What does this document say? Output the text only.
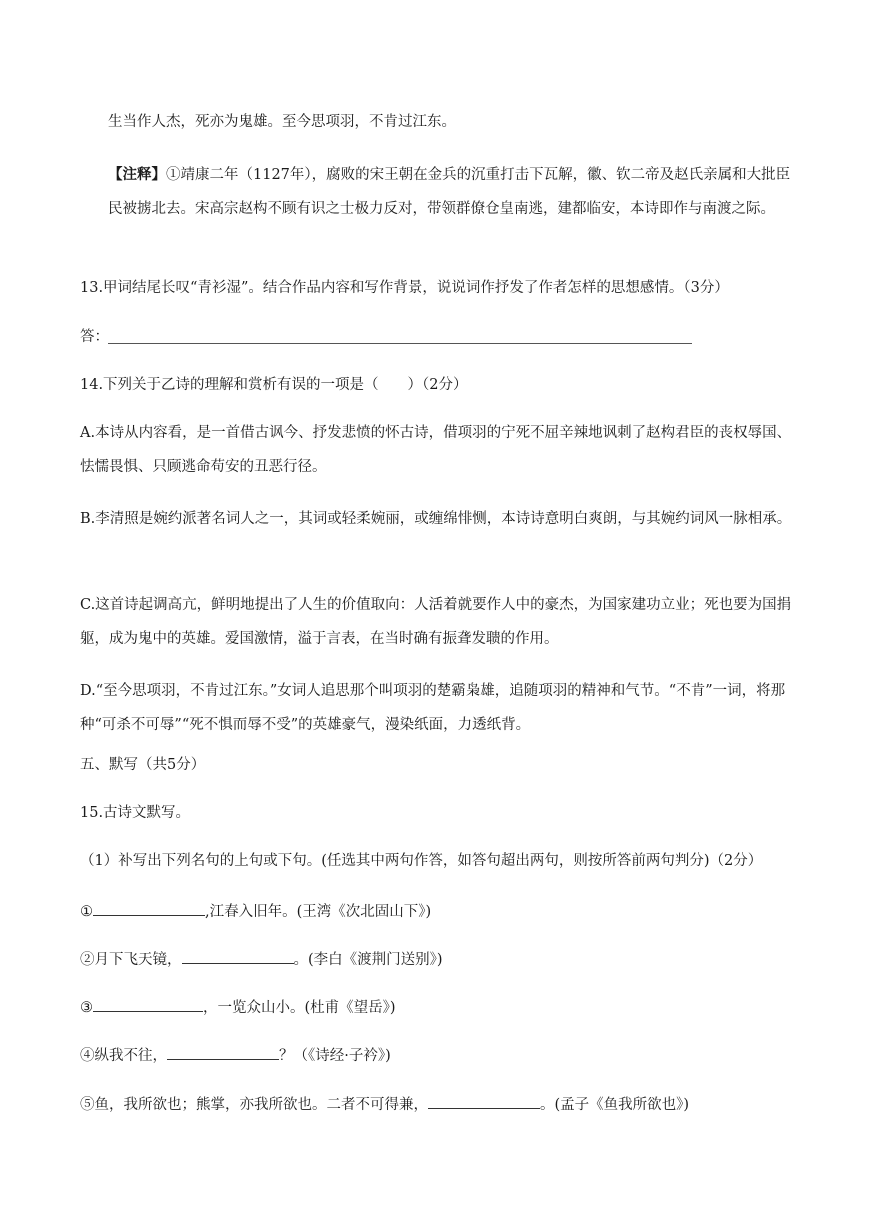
生当作人杰，死亦为鬼雄。至今思项羽，不肯过江东。
【注释】①靖康二年（1127年），腐败的宋王朝在金兵的沉重打击下瓦解，徽、钦二帝及赵氏亲属和大批臣民被掳北去。宋高宗赵构不顾有识之士极力反对，带领群僚仓皇南逃，建都临安，本诗即作与南渡之际。
13.甲词结尾长叹“青衫湿”。结合作品内容和写作背景，说说词作抒发了作者怎样的思想感情。（3分）
答：
14.下列关于乙诗的理解和赏析有误的一项是（　　）（2分）
A.本诗从内容看，是一首借古讽今、抒发悲愤的怀古诗，借项羽的宁死不屈辛辣地讽刺了赵构君臣的丧权辱国、怯懦畏惧、只顾逃命苟安的丑恶行径。
B.李清照是婉约派著名词人之一，其词或轻柔婉丽，或缠绵悱恻，本诗诗意明白爽朗，与其婉约词风一脉相承。
C.这首诗起调高亢，鲜明地提出了人生的价值取向：人活着就要作人中的豪杰，为国家建功立业；死也要为国捐躯，成为鬼中的英雄。爱国激情，溢于言表，在当时确有振聋发聩的作用。
D.“至今思项羽，不肯过江东。”女词人追思那个叫项羽的楚霸枭雄，追随项羽的精神和气节。“不肯”一词，将那种“可杀不可辱”“死不惧而辱不受”的英雄豪气，漫染纸面，力透纸背。
五、默写（共5分）
15.古诗文默写。
（1）补写出下列名句的上句或下句。(任选其中两句作答，如答句超出两句，则按所答前两句判分)（2分）
①	,江春入旧年。(王湾《次北固山下》)
②月下飞天镜，	。(李白《渡荆门送别》)
③	，一览众山小。(杜甫《望岳》)
④纵我不往，	？（《诗经·子衿》)
⑤鱼，我所欲也；熊掌，亦我所欲也。二者不可得兼，	。(孟子《鱼我所欲也》)
